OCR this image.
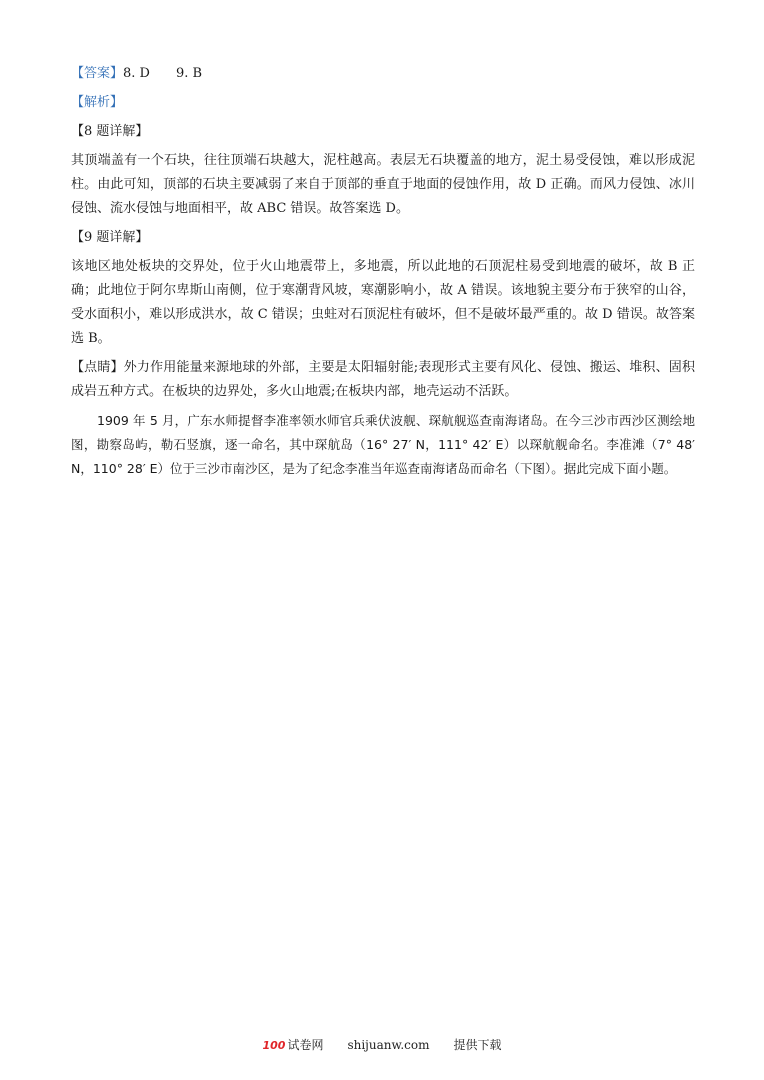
【答案】8. D 9. B

【解析】

【8 题详解】

其顶端盖有一个石块，往往顶端石块越大，泥柱越高。表层无石块覆盖的地方，泥土易受侵蚀，难以形成泥柱。由此可知，顶部的石块主要减弱了来自于顶部的垂直于地面的侵蚀作用，故 D 正确。而风力侵蚀、冰川侵蚀、流水侵蚀与地面相平，故 ABC 错误。故答案选 D。

【9 题详解】

该地区地处板块的交界处，位于火山地震带上，多地震，所以此地的石顶泥柱易受到地震的破坏，故 B 正确；此地位于阿尔卑斯山南侧，位于寒潮背风坡，寒潮影响小，故 A 错误。该地貌主要分布于狭窄的山谷，受水面积小，难以形成洪水，故 C 错误；虫蛀对石顶泥柱有破坏，但不是破坏最严重的。故 D 错误。故答案选 B。

【点睛】外力作用能量来源地球的外部，主要是太阳辐射能;表现形式主要有风化、侵蚀、搬运、堆积、固积成岩五种方式。在板块的边界处，多火山地震;在板块内部，地壳运动不活跃。

1909 年 5 月，广东水师提督李准率领水师官兵乘伏波舰、琛航舰巡查南海诸岛。在今三沙市西沙区测绘地图，勘察岛屿，勒石竖旗，逐一命名，其中琛航岛（16° 27′ N，111° 42′ E）以琛航舰命名。李准滩（7° 48′ N，110° 28′ E）位于三沙市南沙区，是为了纪念李准当年巡查南海诸岛而命名（下图）。据此完成下面小题。

100 试卷网 shijuanw.com 提供下载
